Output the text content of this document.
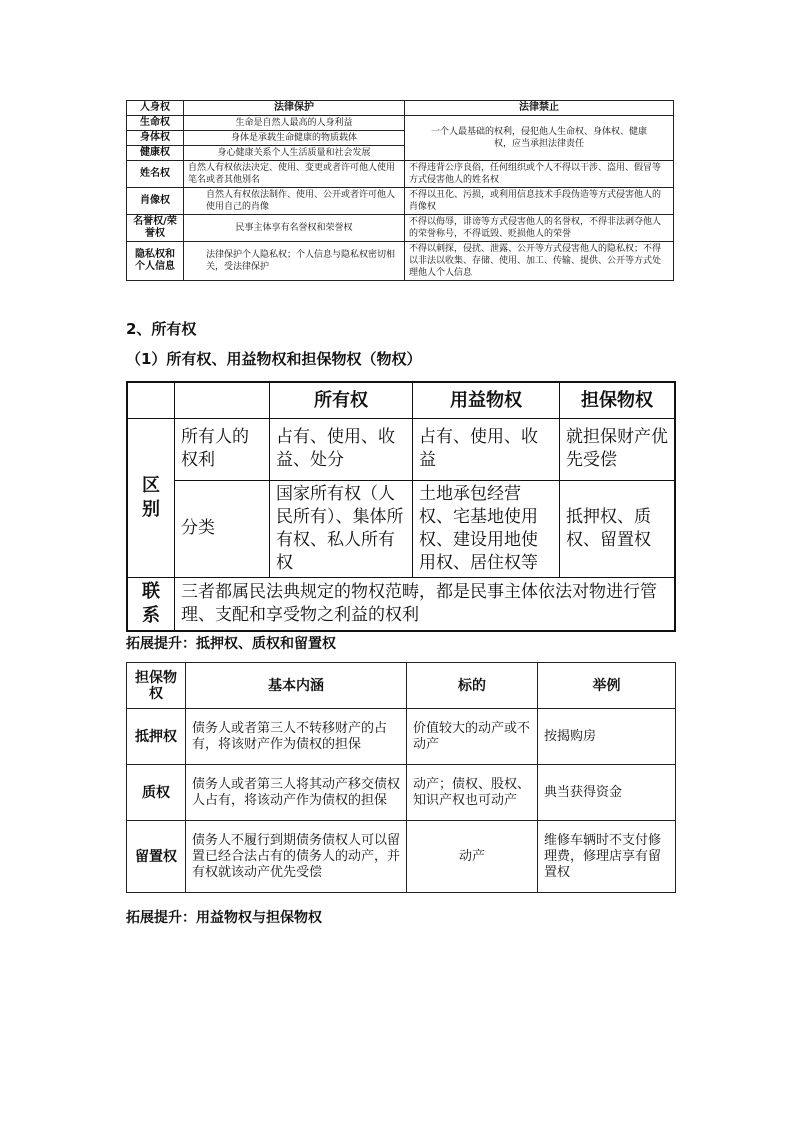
人身权	法律保护	法律禁止
生命权	生命是自然人最高的人身利益	一个人最基础的权利，侵犯他人生命权、身体权、健康权，应当承担法律责任
身体权	身体是承载生命健康的物质载体	
健康权	身心健康关系个人生活质量和社会发展	
姓名权	自然人有权依法决定、使用、变更或者许可他人使用笔名或者其他别名	不得违背公序良俗，任何组织或个人不得以干涉、盗用、假冒等方式侵害他人的姓名权
肖像权	自然人有权依法制作、使用、公开或者许可他人使用自己的肖像	不得以丑化、污损，或利用信息技术手段伪造等方式侵害他人的肖像权
名誉权/荣誉权	民事主体享有名誉权和荣誉权	不得以侮辱，诽谤等方式侵害他人的名誉权，不得非法剥夺他人的荣誉称号，不得诋毁、贬损他人的荣誉
隐私权和个人信息	法律保护个人隐私权；个人信息与隐私权密切相关，受法律保护	不得以刺探，侵扰、泄露、公开等方式侵害他人的隐私权；不得以非法以收集、存储、使用、加工、传输、提供、公开等方式处理他人个人信息
2、所有权
（1）所有权、用益物权和担保物权（物权）
		所有权	用益物权	担保物权
区别	所有人的权利	占有、使用、收益、处分	占有、使用、收益	就担保财产优先受偿
	分类	国家所有权（人民所有）、集体所有权、私人所有权	土地承包经营权、宅基地使用权、建设用地使用权、居住权等	抵押权、质权、留置权
联系	三者都属民法典规定的物权范畴，都是民事主体依法对物进行管理、支配和享受物之利益的权利			
拓展提升：抵押权、质权和留置权
担保物权	基本内涵	标的	举例
抵押权	债务人或者第三人不转移财产的占有，将该财产作为债权的担保	价值较大的动产或不动产	按揭购房
质权	债务人或者第三人将其动产移交债权人占有，将该动产作为债权的担保	动产；债权、股权、知识产权也可动产	典当获得资金
留置权	债务人不履行到期债务债权人可以留置已经合法占有的债务人的动产，并有权就该动产优先受偿	动产	维修车辆时不支付修理费，修理店享有留置权
拓展提升：用益物权与担保物权
